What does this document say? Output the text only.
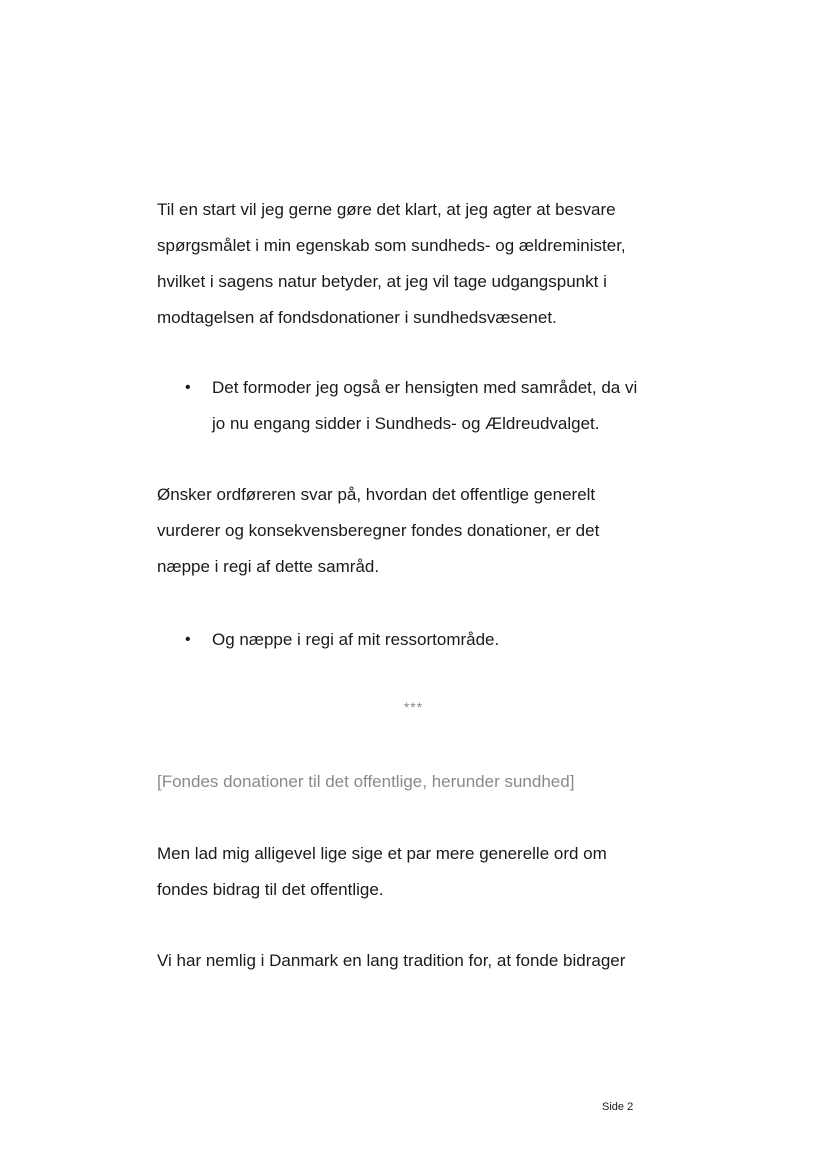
Til en start vil jeg gerne gøre det klart, at jeg agter at besvare
spørgsmålet i min egenskab som sundheds- og ældreminister,
hvilket i sagens natur betyder, at jeg vil tage udgangspunkt i
modtagelsen af fondsdonationer i sundhedsvæsenet.

•	Det formoder jeg også er hensigten med samrådet, da vi
jo nu engang sidder i Sundheds- og Ældreudvalget.

Ønsker ordføreren svar på, hvordan det offentlige generelt
vurderer og konsekvensberegner fondes donationer, er det
næppe i regi af dette samråd.

•	Og næppe i regi af mit ressortområde.
***
[Fondes donationer til det offentlige, herunder sundhed]

Men lad mig alligevel lige sige et par mere generelle ord om
fondes bidrag til det offentlige.

Vi har nemlig i Danmark en lang tradition for, at fonde bidrager

Side 2
